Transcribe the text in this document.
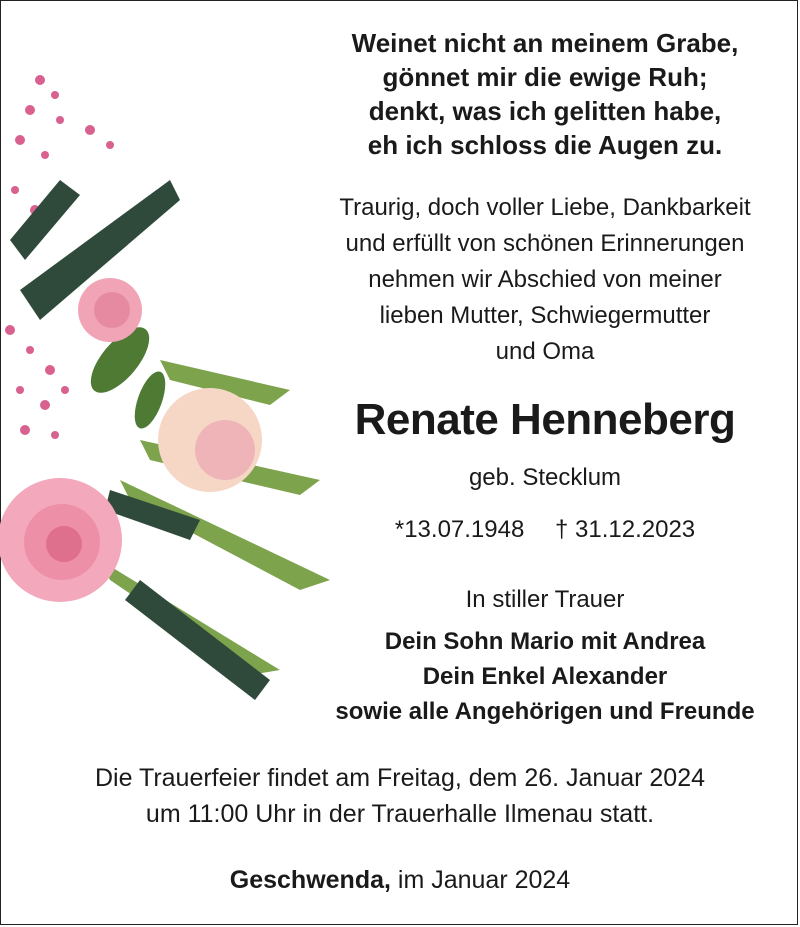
Weinet nicht an meinem Grabe,
gönnet mir die ewige Ruh;
denkt, was ich gelitten habe,
eh ich schloss die Augen zu.
Traurig, doch voller Liebe, Dankbarkeit
und erfüllt von schönen Erinnerungen
nehmen wir Abschied von meiner
lieben Mutter, Schwiegermutter
und Oma
Renate Henneberg
geb. Stecklum
*13.07.1948 † 31.12.2023
In stiller Trauer
Dein Sohn Mario mit Andrea
Dein Enkel Alexander
sowie alle Angehörigen und Freunde
Die Trauerfeier findet am Freitag, dem 26. Januar 2024
um 11:00 Uhr in der Trauerhalle Ilmenau statt.
Geschwenda, im Januar 2024
